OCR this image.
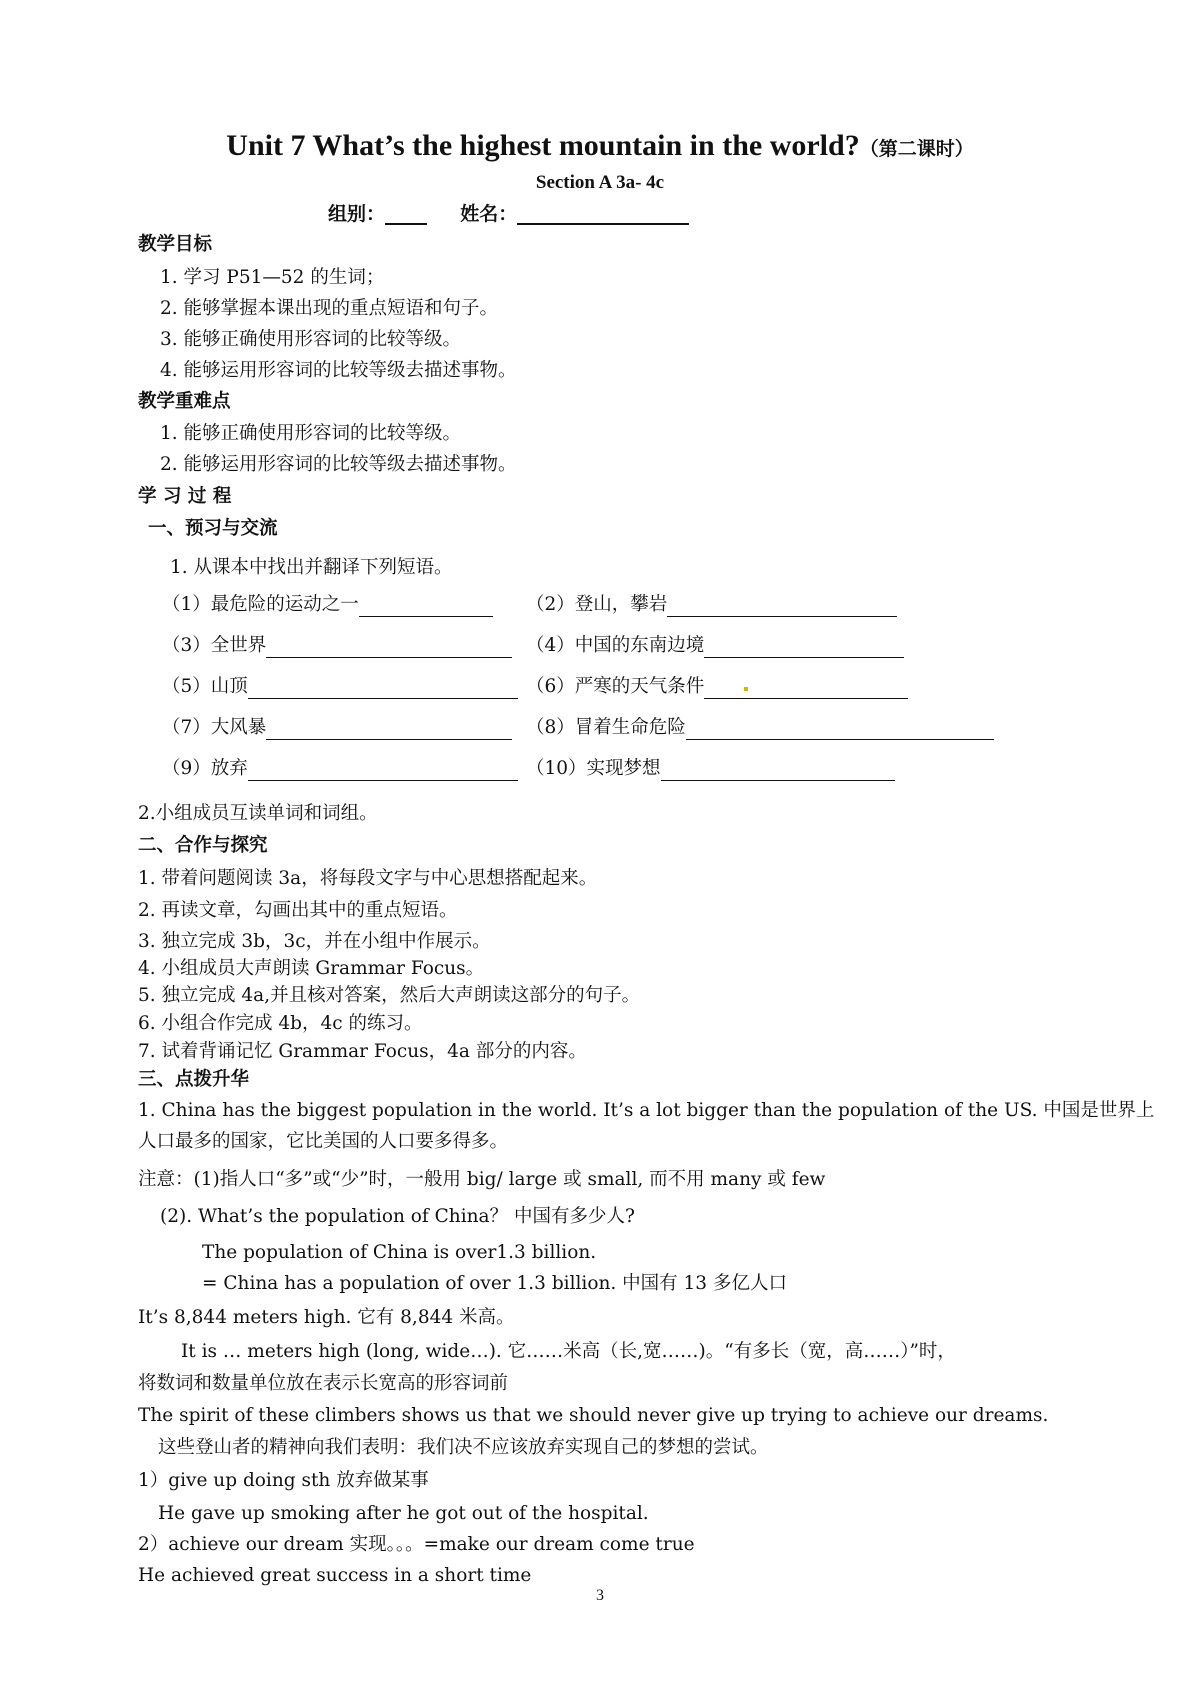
Unit 7 What’s the highest mountain in the world?（第二课时）
Section A 3a- 4c
组别：	姓名：
教学目标
1. 学习 P51—52 的生词；
2. 能够掌握本课出现的重点短语和句子。
3. 能够正确使用形容词的比较等级。
4. 能够运用形容词的比较等级去描述事物。
教学重难点
1. 能够正确使用形容词的比较等级。
2. 能够运用形容词的比较等级去描述事物。
学 习 过 程
一、预习与交流
1. 从课本中找出并翻译下列短语。
（1）最危险的运动之一	（2）登山，攀岩
（3）全世界	（4）中国的东南边境
（5）山顶	（6）严寒的天气条件
（7）大风暴	（8）冒着生命危险
（9）放弃	（10）实现梦想
2.小组成员互读单词和词组。
二、合作与探究
1. 带着问题阅读 3a，将每段文字与中心思想搭配起来。
2. 再读文章，勾画出其中的重点短语。
3. 独立完成 3b，3c，并在小组中作展示。
4. 小组成员大声朗读 Grammar Focus。
5. 独立完成 4a,并且核对答案，然后大声朗读这部分的句子。
6. 小组合作完成 4b，4c 的练习。
7. 试着背诵记忆 Grammar Focus，4a 部分的内容。
三、点拨升华
1. China has the biggest population in the world. It’s a lot bigger than the population of the US. 中国是世界上
人口最多的国家，它比美国的人口要多得多。
注意：(1)指人口“多”或“少”时，一般用 big/ large 或 small, 而不用 many 或 few
(2). What’s the population of China？ 中国有多少人?
The population of China is over1.3 billion.
= China has a population of over 1.3 billion. 中国有 13 多亿人口
It’s 8,844 meters high. 它有 8,844 米高。
It is … meters high (long, wide…). 它……米高（长,宽……)。“有多长（宽，高……）”时，
将数词和数量单位放在表示长宽高的形容词前
The spirit of these climbers shows us that we should never give up trying to achieve our dreams.
这些登山者的精神向我们表明：我们决不应该放弃实现自己的梦想的尝试。
1）give up doing sth 放弃做某事
He gave up smoking after he got out of the hospital.
2）achieve our dream 实现。。。=make our dream come true
He achieved great success in a short time
3
